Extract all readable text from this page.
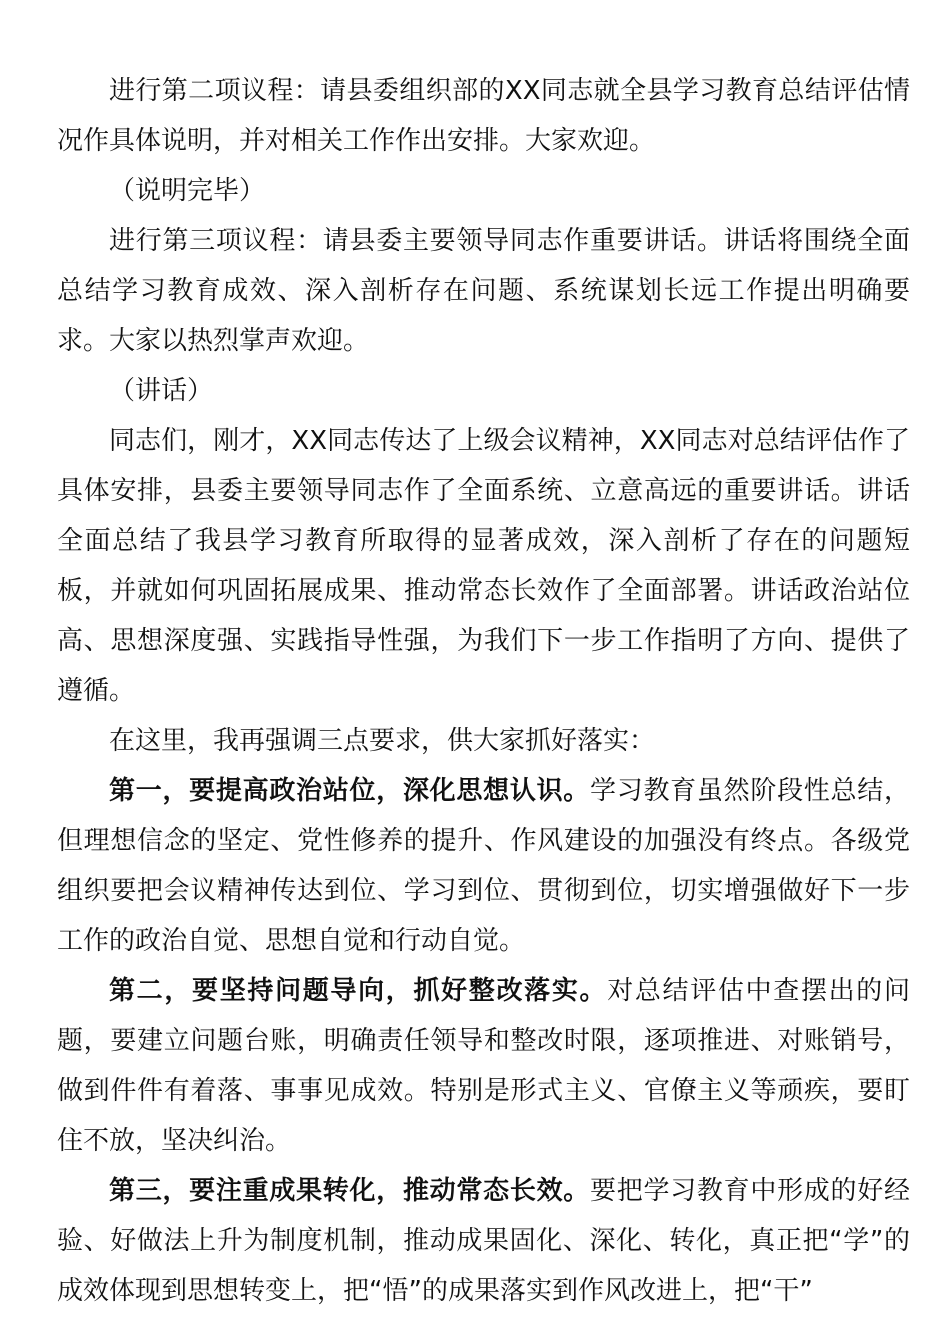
进行第二项议程：请县委组织部的XX同志就全县学习教育总结评估情况作具体说明，并对相关工作作出安排。大家欢迎。

（说明完毕）

进行第三项议程：请县委主要领导同志作重要讲话。讲话将围绕全面总结学习教育成效、深入剖析存在问题、系统谋划长远工作提出明确要求。大家以热烈掌声欢迎。

（讲话）

同志们，刚才，XX同志传达了上级会议精神，XX同志对总结评估作了具体安排，县委主要领导同志作了全面系统、立意高远的重要讲话。讲话全面总结了我县学习教育所取得的显著成效，深入剖析了存在的问题短板，并就如何巩固拓展成果、推动常态长效作了全面部署。讲话政治站位高、思想深度强、实践指导性强，为我们下一步工作指明了方向、提供了遵循。

在这里，我再强调三点要求，供大家抓好落实：

第一，要提高政治站位，深化思想认识。学习教育虽然阶段性总结，但理想信念的坚定、党性修养的提升、作风建设的加强没有终点。各级党组织要把会议精神传达到位、学习到位、贯彻到位，切实增强做好下一步工作的政治自觉、思想自觉和行动自觉。

第二，要坚持问题导向，抓好整改落实。对总结评估中查摆出的问题，要建立问题台账，明确责任领导和整改时限，逐项推进、对账销号，做到件件有着落、事事见成效。特别是形式主义、官僚主义等顽疾，要盯住不放，坚决纠治。

第三，要注重成果转化，推动常态长效。要把学习教育中形成的好经验、好做法上升为制度机制，推动成果固化、深化、转化，真正把“学”的成效体现到思想转变上，把“悟”的成果落实到作风改进上，把“干”
